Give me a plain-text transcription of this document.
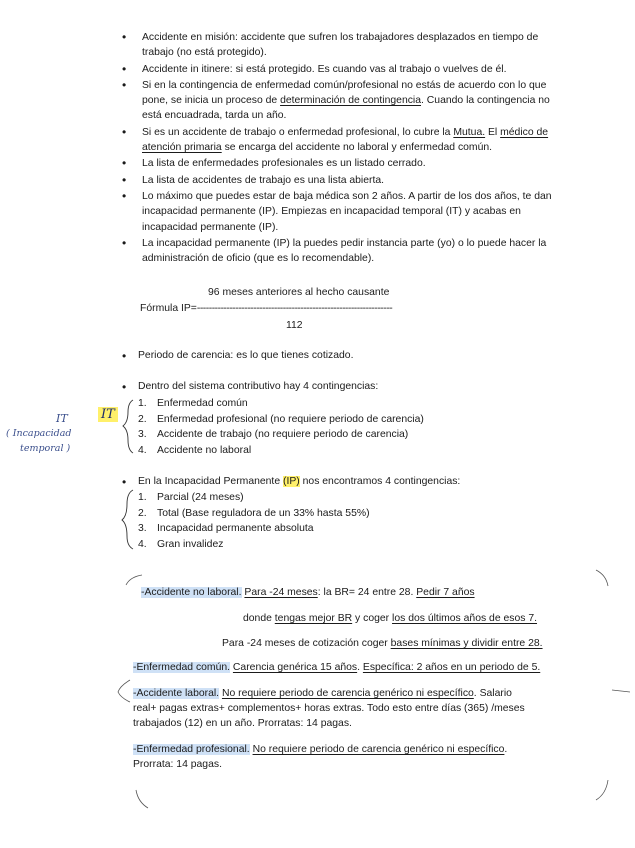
• Accidente en misión: accidente que sufren los trabajadores desplazados en tiempo de trabajo (no está protegido).
• Accidente in itinere: si está protegido. Es cuando vas al trabajo o vuelves de él.
• Si en la contingencia de enfermedad común/profesional no estás de acuerdo con lo que pone, se inicia un proceso de determinación de contingencia. Cuando la contingencia no está encuadrada, tarda un año.
• Si es un accidente de trabajo o enfermedad profesional, lo cubre la Mutua. El médico de atención primaria se encarga del accidente no laboral y enfermedad común.
• La lista de enfermedades profesionales es un listado cerrado.
• La lista de accidentes de trabajo es una lista abierta.
• Lo máximo que puedes estar de baja médica son 2 años. A partir de los dos años, te dan incapacidad permanente (IP). Empiezas en incapacidad temporal (IT) y acabas en incapacidad permanente (IP).
• La incapacidad permanente (IP) la puedes pedir instancia parte (yo) o lo puede hacer la administración de oficio (que es lo recomendable).
96 meses anteriores al hecho causante
Fórmula IP=------------------------------------------------------------------
112
• Periodo de carencia: es lo que tienes cotizado.
• Dentro del sistema contributivo hay 4 contingencias:
IT
( Incapacidad
temporal )
IT
1. Enfermedad común
2. Enfermedad profesional (no requiere periodo de carencia)
3. Accidente de trabajo (no requiere periodo de carencia)
4. Accidente no laboral
• En la Incapacidad Permanente (IP) nos encontramos 4 contingencias:
1. Parcial (24 meses)
2. Total (Base reguladora de un 33% hasta 55%)
3. Incapacidad permanente absoluta
4. Gran invalidez
-Accidente no laboral. Para -24 meses: la BR= 24 entre 28. Pedir 7 años
donde tengas mejor BR y coger los dos últimos años de esos 7.
Para -24 meses de cotización coger bases mínimas y dividir entre 28.
-Enfermedad común. Carencia genérica 15 años. Específica: 2 años en un periodo de 5.
-Accidente laboral. No requiere periodo de carencia genérico ni específico. Salario
real+ pagas extras+ complementos+ horas extras. Todo esto entre días (365) /meses
trabajados (12) en un año. Prorratas: 14 pagas.
-Enfermedad profesional. No requiere periodo de carencia genérico ni específico.
Prorrata: 14 pagas.
